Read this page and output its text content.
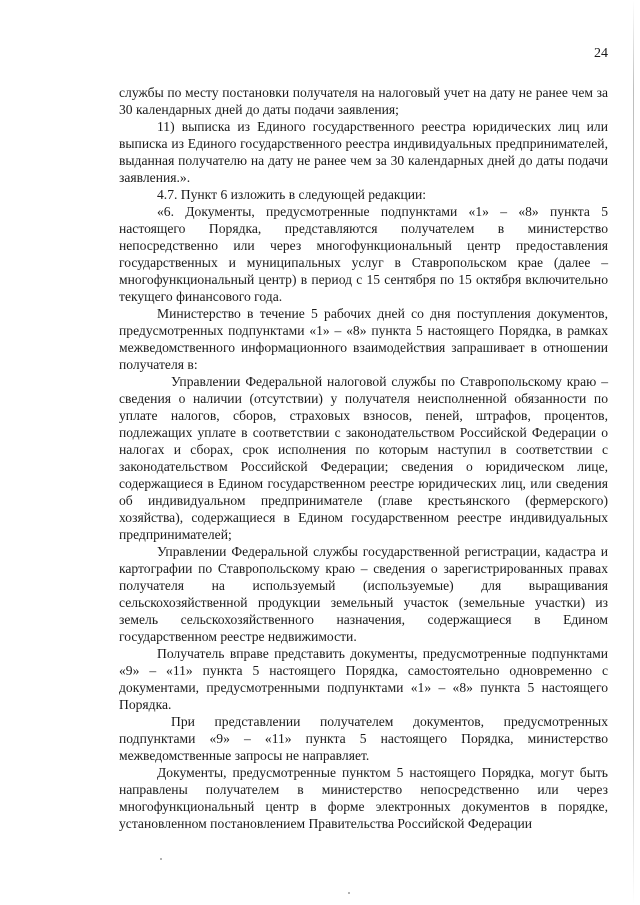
24

службы по месту постановки получателя на налоговый учет на дату не ранее чем за 30 календарных дней до даты подачи заявления;

11) выписка из Единого государственного реестра юридических лиц или выписка из Единого государственного реестра индивидуальных предпринимателей, выданная получателю на дату не ранее чем за 30 календарных дней до даты подачи заявления.».

4.7. Пункт 6 изложить в следующей редакции:

«6. Документы, предусмотренные подпунктами «1» – «8» пункта 5 настоящего Порядка, представляются получателем в министерство непосредственно или через многофункциональный центр предоставления государственных и муниципальных услуг в Ставропольском крае (далее – многофункциональный центр) в период с 15 сентября по 15 октября включительно текущего финансового года.

Министерство в течение 5 рабочих дней со дня поступления документов, предусмотренных подпунктами «1» – «8» пункта 5 настоящего Порядка, в рамках межведомственного информационного взаимодействия запрашивает в отношении получателя в:

Управлении Федеральной налоговой службы по Ставропольскому краю – сведения о наличии (отсутствии) у получателя неисполненной обязанности по уплате налогов, сборов, страховых взносов, пеней, штрафов, процентов, подлежащих уплате в соответствии с законодательством Российской Федерации о налогах и сборах, срок исполнения по которым наступил в соответствии с законодательством Российской Федерации; сведения о юридическом лице, содержащиеся в Едином государственном реестре юридических лиц, или сведения об индивидуальном предпринимателе (главе крестьянского (фермерского) хозяйства), содержащиеся в Едином государственном реестре индивидуальных предпринимателей;

Управлении Федеральной службы государственной регистрации, кадастра и картографии по Ставропольскому краю – сведения о зарегистрированных правах получателя на используемый (используемые) для выращивания сельскохозяйственной продукции земельный участок (земельные участки) из земель сельскохозяйственного назначения, содержащиеся в Едином государственном реестре недвижимости.

Получатель вправе представить документы, предусмотренные подпунктами «9» – «11» пункта 5 настоящего Порядка, самостоятельно одновременно с документами, предусмотренными подпунктами «1» – «8» пункта 5 настоящего Порядка.

При представлении получателем документов, предусмотренных подпунктами «9» – «11» пункта 5 настоящего Порядка, министерство межведомственные запросы не направляет.

Документы, предусмотренные пунктом 5 настоящего Порядка, могут быть направлены получателем в министерство непосредственно или через многофункциональный центр в форме электронных документов в порядке, установленном постановлением Правительства Российской Федерации
